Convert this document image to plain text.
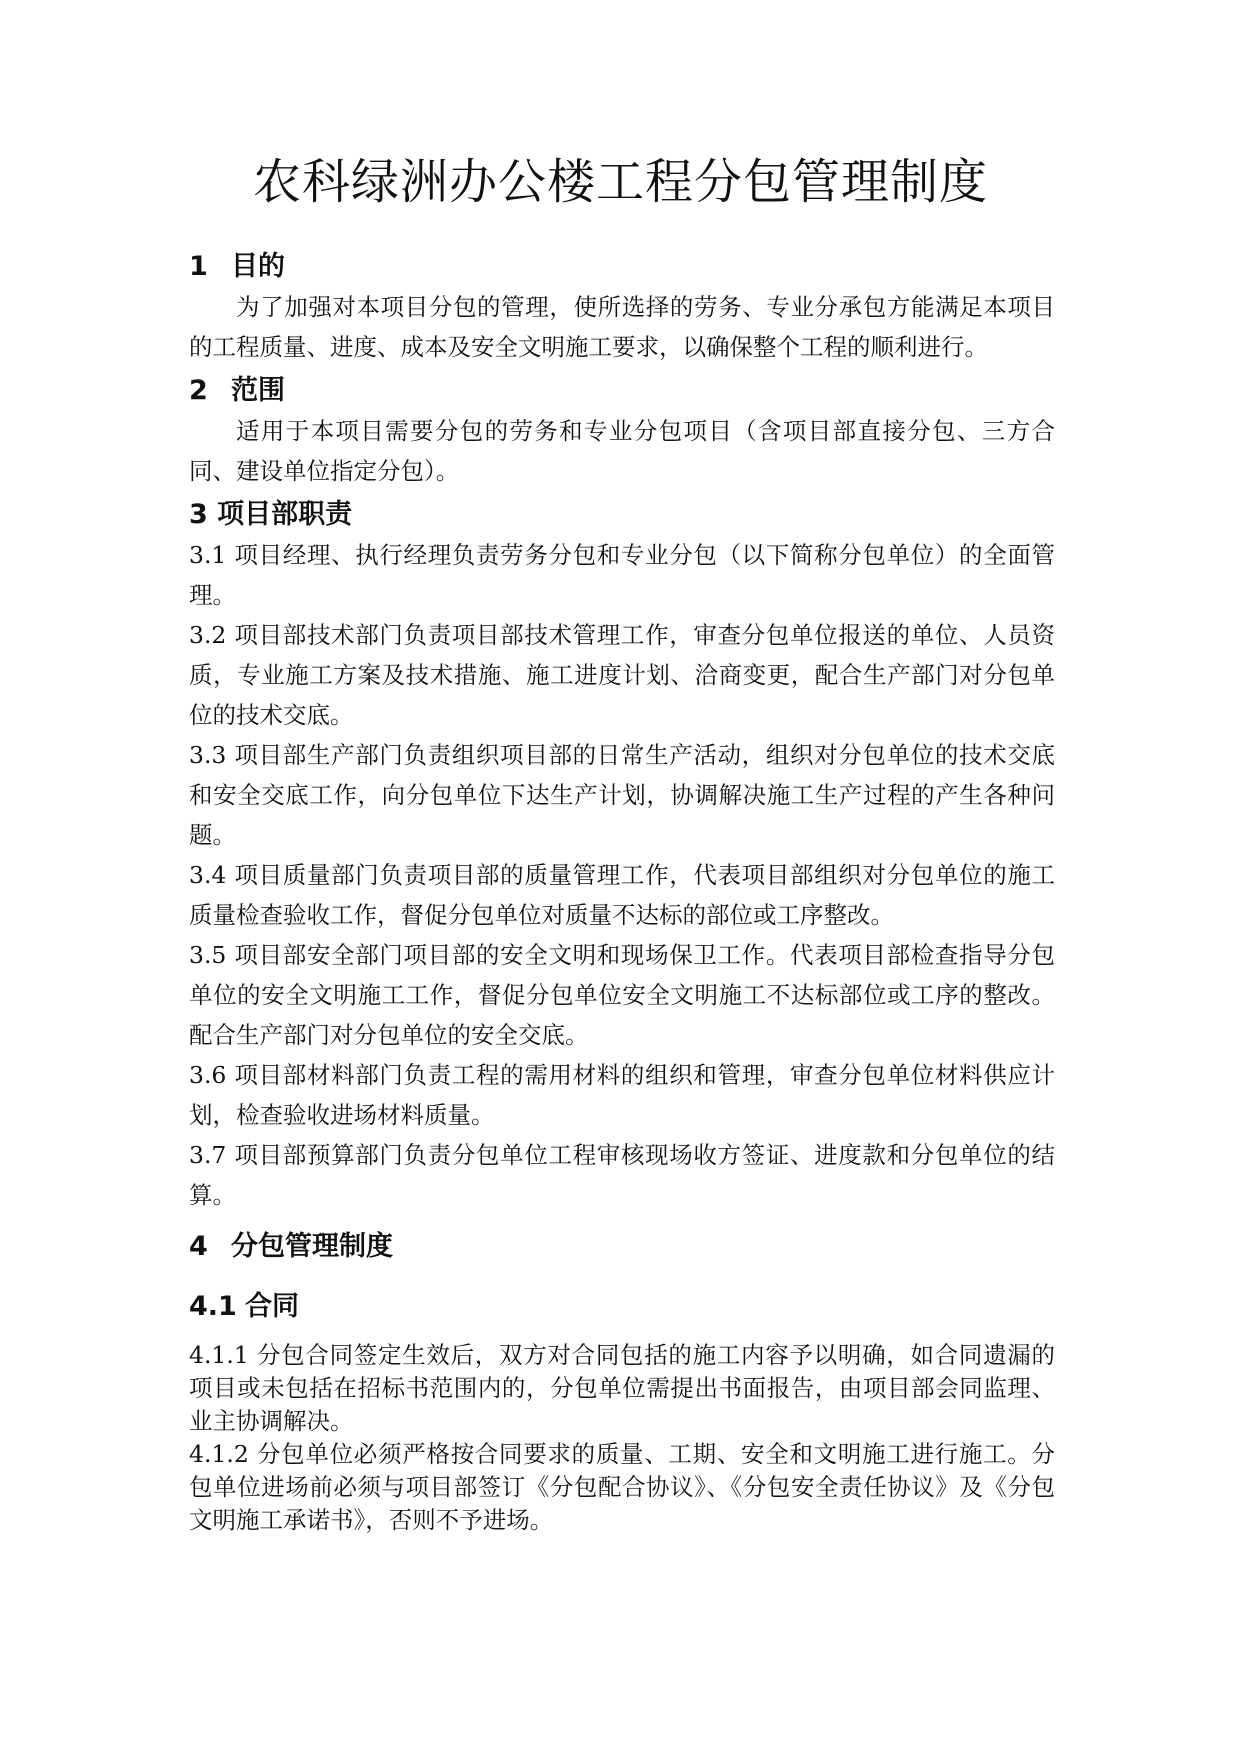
农科绿洲办公楼工程分包管理制度
1 目的

为了加强对本项目分包的管理，使所选择的劳务、专业分承包方能满足本项目的工程质量、进度、成本及安全文明施工要求，以确保整个工程的顺利进行。

2 范围

适用于本项目需要分包的劳务和专业分包项目（含项目部直接分包、三方合同、建设单位指定分包）。

3 项目部职责

3.1 项目经理、执行经理负责劳务分包和专业分包（以下简称分包单位）的全面管理。

3.2 项目部技术部门负责项目部技术管理工作，审查分包单位报送的单位、人员资质，专业施工方案及技术措施、施工进度计划、洽商变更，配合生产部门对分包单位的技术交底。

3.3 项目部生产部门负责组织项目部的日常生产活动，组织对分包单位的技术交底和安全交底工作，向分包单位下达生产计划，协调解决施工生产过程的产生各种问题。

3.4 项目质量部门负责项目部的质量管理工作，代表项目部组织对分包单位的施工质量检查验收工作，督促分包单位对质量不达标的部位或工序整改。

3.5 项目部安全部门项目部的安全文明和现场保卫工作。代表项目部检查指导分包单位的安全文明施工工作，督促分包单位安全文明施工不达标部位或工序的整改。配合生产部门对分包单位的安全交底。

3.6 项目部材料部门负责工程的需用材料的组织和管理，审查分包单位材料供应计划，检查验收进场材料质量。

3.7 项目部预算部门负责分包单位工程审核现场收方签证、进度款和分包单位的结算。

4 分包管理制度
4.1 合同

4.1.1 分包合同签定生效后，双方对合同包括的施工内容予以明确，如合同遗漏的项目或未包括在招标书范围内的，分包单位需提出书面报告，由项目部会同监理、业主协调解决。

4.1.2 分包单位必须严格按合同要求的质量、工期、安全和文明施工进行施工。分包单位进场前必须与项目部签订《分包配合协议》、《分包安全责任协议》及《分包文明施工承诺书》，否则不予进场。
